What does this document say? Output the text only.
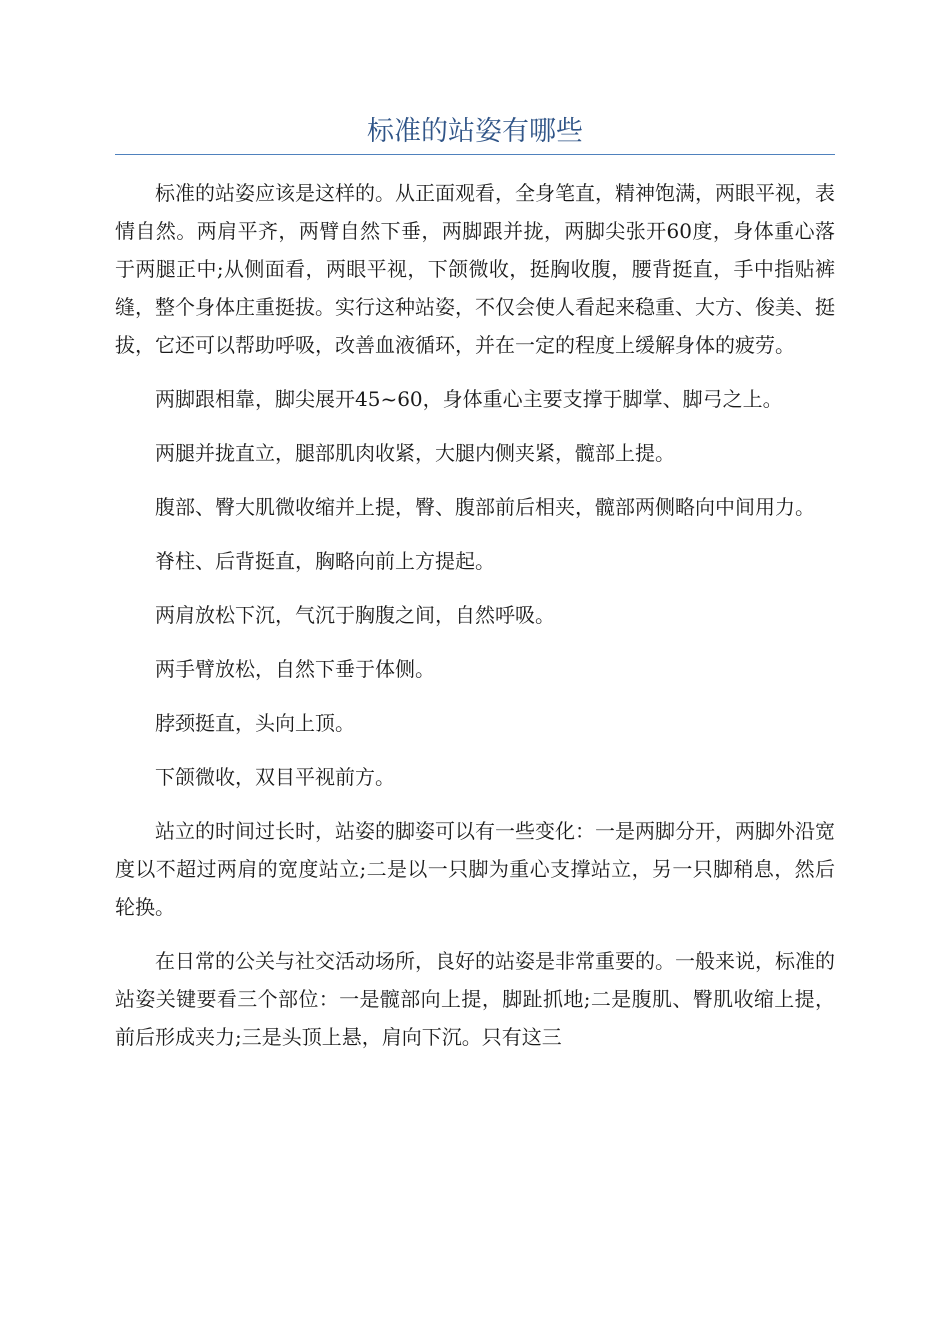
标准的站姿有哪些

标准的站姿应该是这样的。从正面观看，全身笔直，精神饱满，两眼平视，表情自然。两肩平齐，两臂自然下垂，两脚跟并拢，两脚尖张开60度，身体重心落于两腿正中;从侧面看，两眼平视，下颌微收，挺胸收腹，腰背挺直，手中指贴裤缝，整个身体庄重挺拔。实行这种站姿，不仅会使人看起来稳重、大方、俊美、挺拔，它还可以帮助呼吸，改善血液循环，并在一定的程度上缓解身体的疲劳。

两脚跟相靠，脚尖展开45~60，身体重心主要支撑于脚掌、脚弓之上。

两腿并拢直立，腿部肌肉收紧，大腿内侧夹紧，髋部上提。

腹部、臀大肌微收缩并上提，臀、腹部前后相夹，髋部两侧略向中间用力。

脊柱、后背挺直，胸略向前上方提起。

两肩放松下沉，气沉于胸腹之间，自然呼吸。

两手臂放松，自然下垂于体侧。

脖颈挺直，头向上顶。

下颌微收，双目平视前方。

站立的时间过长时，站姿的脚姿可以有一些变化：一是两脚分开，两脚外沿宽度以不超过两肩的宽度站立;二是以一只脚为重心支撑站立，另一只脚稍息，然后轮换。

在日常的公关与社交活动场所，良好的站姿是非常重要的。一般来说，标准的站姿关键要看三个部位：一是髋部向上提，脚趾抓地;二是腹肌、臀肌收缩上提，前后形成夹力;三是头顶上悬，肩向下沉。只有这三
